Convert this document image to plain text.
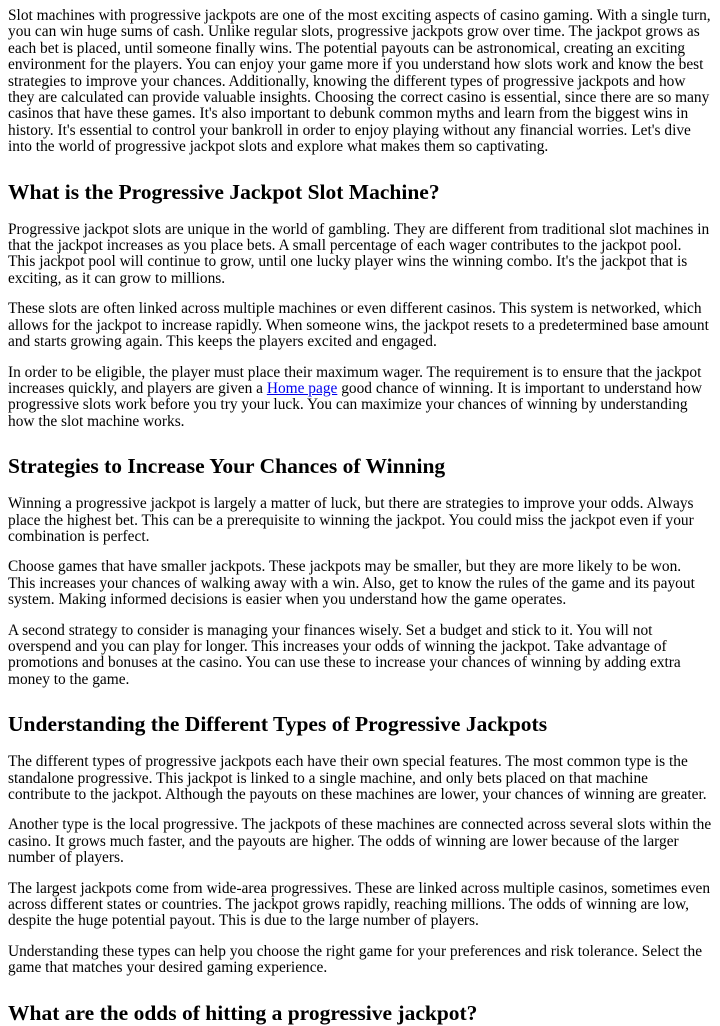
Slot machines with progressive jackpots are one of the most exciting aspects of casino gaming. With a single turn, you can win huge sums of cash. Unlike regular slots, progressive jackpots grow over time. The jackpot grows as each bet is placed, until someone finally wins. The potential payouts can be astronomical, creating an exciting environment for the players. You can enjoy your game more if you understand how slots work and know the best strategies to improve your chances. Additionally, knowing the different types of progressive jackpots and how they are calculated can provide valuable insights. Choosing the correct casino is essential, since there are so many casinos that have these games. It's also important to debunk common myths and learn from the biggest wins in history. It's essential to control your bankroll in order to enjoy playing without any financial worries. Let's dive into the world of progressive jackpot slots and explore what makes them so captivating.

What is the Progressive Jackpot Slot Machine?

Progressive jackpot slots are unique in the world of gambling. They are different from traditional slot machines in that the jackpot increases as you place bets. A small percentage of each wager contributes to the jackpot pool. This jackpot pool will continue to grow, until one lucky player wins the winning combo. It's the jackpot that is exciting, as it can grow to millions.

These slots are often linked across multiple machines or even different casinos. This system is networked, which allows for the jackpot to increase rapidly. When someone wins, the jackpot resets to a predetermined base amount and starts growing again. This keeps the players excited and engaged.

In order to be eligible, the player must place their maximum wager. The requirement is to ensure that the jackpot increases quickly, and players are given a Home page good chance of winning. It is important to understand how progressive slots work before you try your luck. You can maximize your chances of winning by understanding how the slot machine works.

Strategies to Increase Your Chances of Winning

Winning a progressive jackpot is largely a matter of luck, but there are strategies to improve your odds. Always place the highest bet. This can be a prerequisite to winning the jackpot. You could miss the jackpot even if your combination is perfect.

Choose games that have smaller jackpots. These jackpots may be smaller, but they are more likely to be won. This increases your chances of walking away with a win. Also, get to know the rules of the game and its payout system. Making informed decisions is easier when you understand how the game operates.

A second strategy to consider is managing your finances wisely. Set a budget and stick to it. You will not overspend and you can play for longer. This increases your odds of winning the jackpot. Take advantage of promotions and bonuses at the casino. You can use these to increase your chances of winning by adding extra money to the game.

Understanding the Different Types of Progressive Jackpots

The different types of progressive jackpots each have their own special features. The most common type is the standalone progressive. This jackpot is linked to a single machine, and only bets placed on that machine contribute to the jackpot. Although the payouts on these machines are lower, your chances of winning are greater.

Another type is the local progressive. The jackpots of these machines are connected across several slots within the casino. It grows much faster, and the payouts are higher. The odds of winning are lower because of the larger number of players.

The largest jackpots come from wide-area progressives. These are linked across multiple casinos, sometimes even across different states or countries. The jackpot grows rapidly, reaching millions. The odds of winning are low, despite the huge potential payout. This is due to the large number of players.

Understanding these types can help you choose the right game for your preferences and risk tolerance. Select the game that matches your desired gaming experience.

What are the odds of hitting a progressive jackpot?
